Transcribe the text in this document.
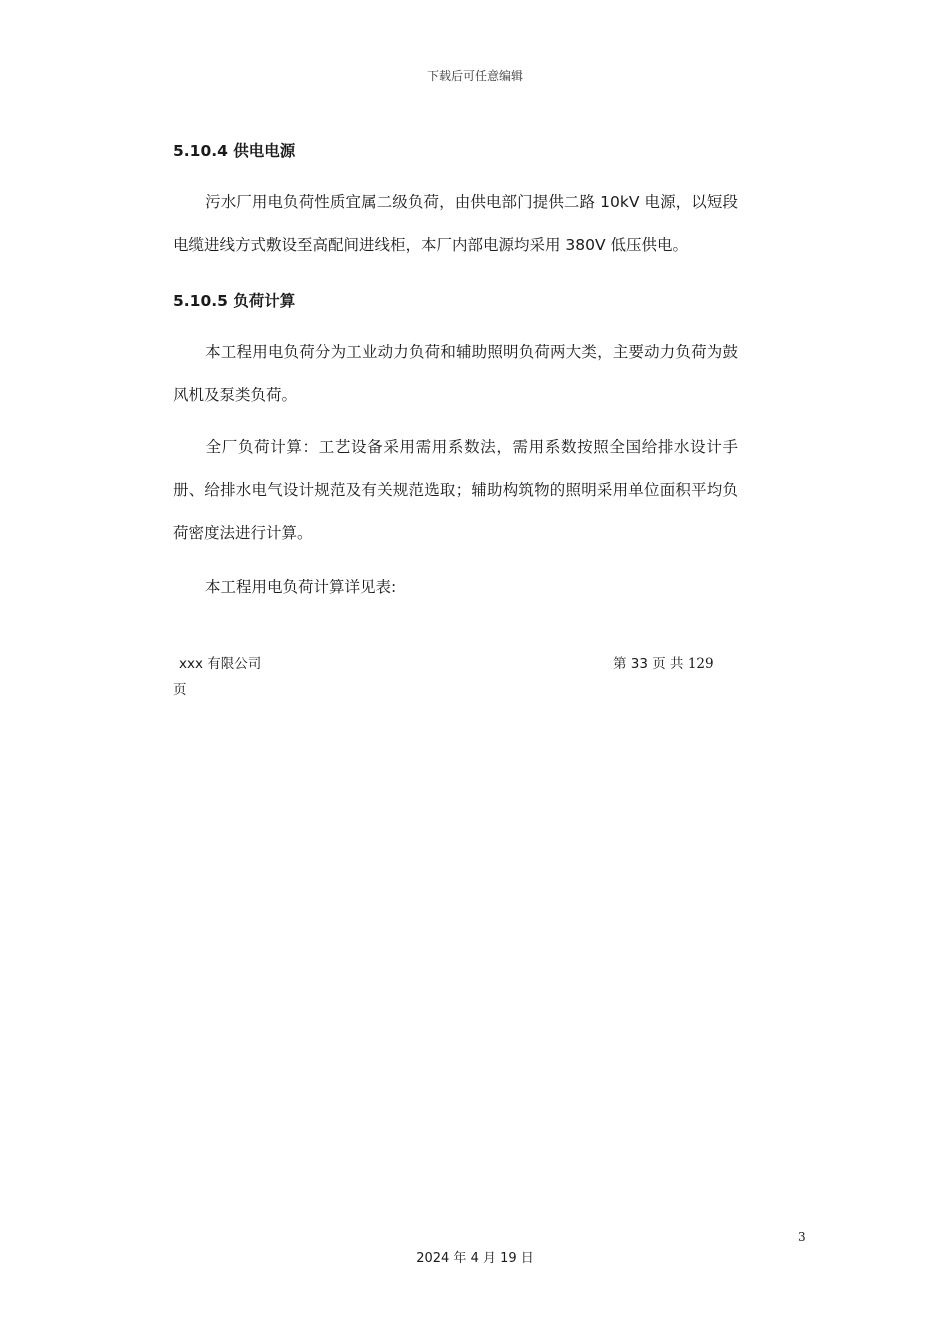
下载后可任意编辑
5.10.4 供电电源
污水厂用电负荷性质宜属二级负荷，由供电部门提供二路 10kV 电源，以短段电缆进线方式敷设至高配间进线柜，本厂内部电源均采用 380V 低压供电。
5.10.5 负荷计算
本工程用电负荷分为工业动力负荷和辅助照明负荷两大类，主要动力负荷为鼓风机及泵类负荷。
全厂负荷计算：工艺设备采用需用系数法，需用系数按照全国给排水设计手册、给排水电气设计规范及有关规范选取；辅助构筑物的照明采用单位面积平均负荷密度法进行计算。
本工程用电负荷计算详见表:
xxx 有限公司	第 33 页 共 129
页
3
2024 年 4 月 19 日
